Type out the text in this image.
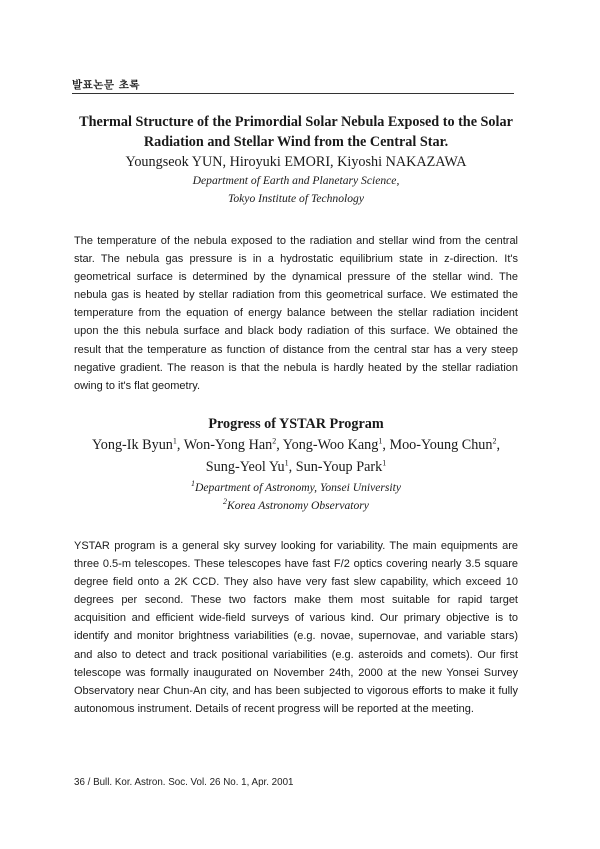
발표논문 초록

Thermal Structure of the Primordial Solar Nebula Exposed to the Solar

Radiation and Stellar Wind from the Central Star.

Youngseok YUN, Hiroyuki EMORI, Kiyoshi NAKAZAWA

Department of Earth and Planetary Science,

Tokyo Institute of Technology

The temperature of the nebula exposed to the radiation and stellar wind from the central star. The nebula gas pressure is in a hydrostatic equilibrium state in z-direction. It's geometrical surface is determined by the dynamical pressure of the stellar wind. The nebula gas is heated by stellar radiation from this geometrical surface. We estimated the temperature from the equation of energy balance between the stellar radiation incident upon the this nebula surface and black body radiation of this surface. We obtained the result that the temperature as function of distance from the central star has a very steep negative gradient. The reason is that the nebula is hardly heated by the stellar radiation owing to it's flat geometry.

Progress of YSTAR Program

Yong-Ik Byun$^1$, Won-Yong Han$^2$, Yong-Woo Kang$^1$, Moo-Young Chun$^2$,
Sung-Yeol Yu$^1$, Sun-Youp Park$^1$

$^1$Department of Astronomy, Yonsei University

$^2$Korea Astronomy Observatory

YSTAR program is a general sky survey looking for variability. The main equipments are three 0.5-m telescopes. These telescopes have fast F/2 optics covering nearly 3.5 square degree field onto a 2K CCD. They also have very fast slew capability, which exceed 10 degrees per second. These two factors make them most suitable for rapid target acquisition and efficient wide-field surveys of various kind. Our primary objective is to identify and monitor brightness variabilities (e.g. novae, supernovae, and variable stars) and also to detect and track positional variabilities (e.g. asteroids and comets). Our first telescope was formally inaugurated on November 24th, 2000 at the new Yonsei Survey Observatory near Chun-An city, and has been subjected to vigorous efforts to make it fully autonomous instrument. Details of recent progress will be reported at the meeting.

36 / Bull. Kor. Astron. Soc. Vol. 26 No. 1, Apr. 2001
